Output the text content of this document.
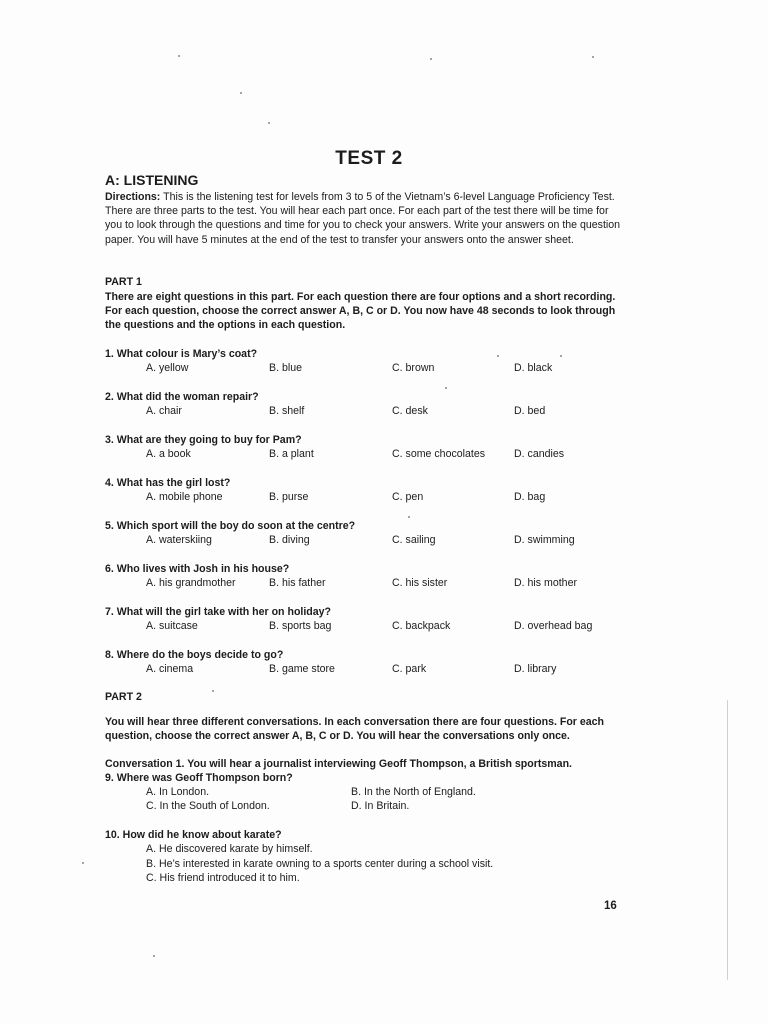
TEST 2
A: LISTENING
Directions: This is the listening test for levels from 3 to 5 of the Vietnam’s 6-level Language Proficiency Test. There are three parts to the test. You will hear each part once. For each part of the test there will be time for you to look through the questions and time for you to check your answers. Write your answers on the question paper. You will have 5 minutes at the end of the test to transfer your answers onto the answer sheet.
PART 1
There are eight questions in this part. For each question there are four options and a short recording. For each question, choose the correct answer A, B, C or D. You now have 48 seconds to look through the questions and the options in each question.
1. What colour is Mary’s coat?
A. yellow	B. blue	C. brown	D. black
2. What did the woman repair?
A. chair	B. shelf	C. desk	D. bed
3. What are they going to buy for Pam?
A. a book	B. a plant	C. some chocolates	D. candies
4. What has the girl lost?
A. mobile phone	B. purse	C. pen	D. bag
5. Which sport will the boy do soon at the centre?
A. waterskiing	B. diving	C. sailing	D. swimming
6. Who lives with Josh in his house?
A. his grandmother	B. his father	C. his sister	D. his mother
7. What will the girl take with her on holiday?
A. suitcase	B. sports bag	C. backpack	D. overhead bag
8. Where do the boys decide to go?
A. cinema	B. game store	C. park	D. library
PART 2
You will hear three different conversations. In each conversation there are four questions. For each question, choose the correct answer A, B, C or D. You will hear the conversations only once.
Conversation 1. You will hear a journalist interviewing Geoff Thompson, a British sportsman.
9. Where was Geoff Thompson born?
A. In London.	B. In the North of England.
C. In the South of London.	D. In Britain.
10. How did he know about karate?
A. He discovered karate by himself.
B. He’s interested in karate owning to a sports center during a school visit.
C. His friend introduced it to him.
16
